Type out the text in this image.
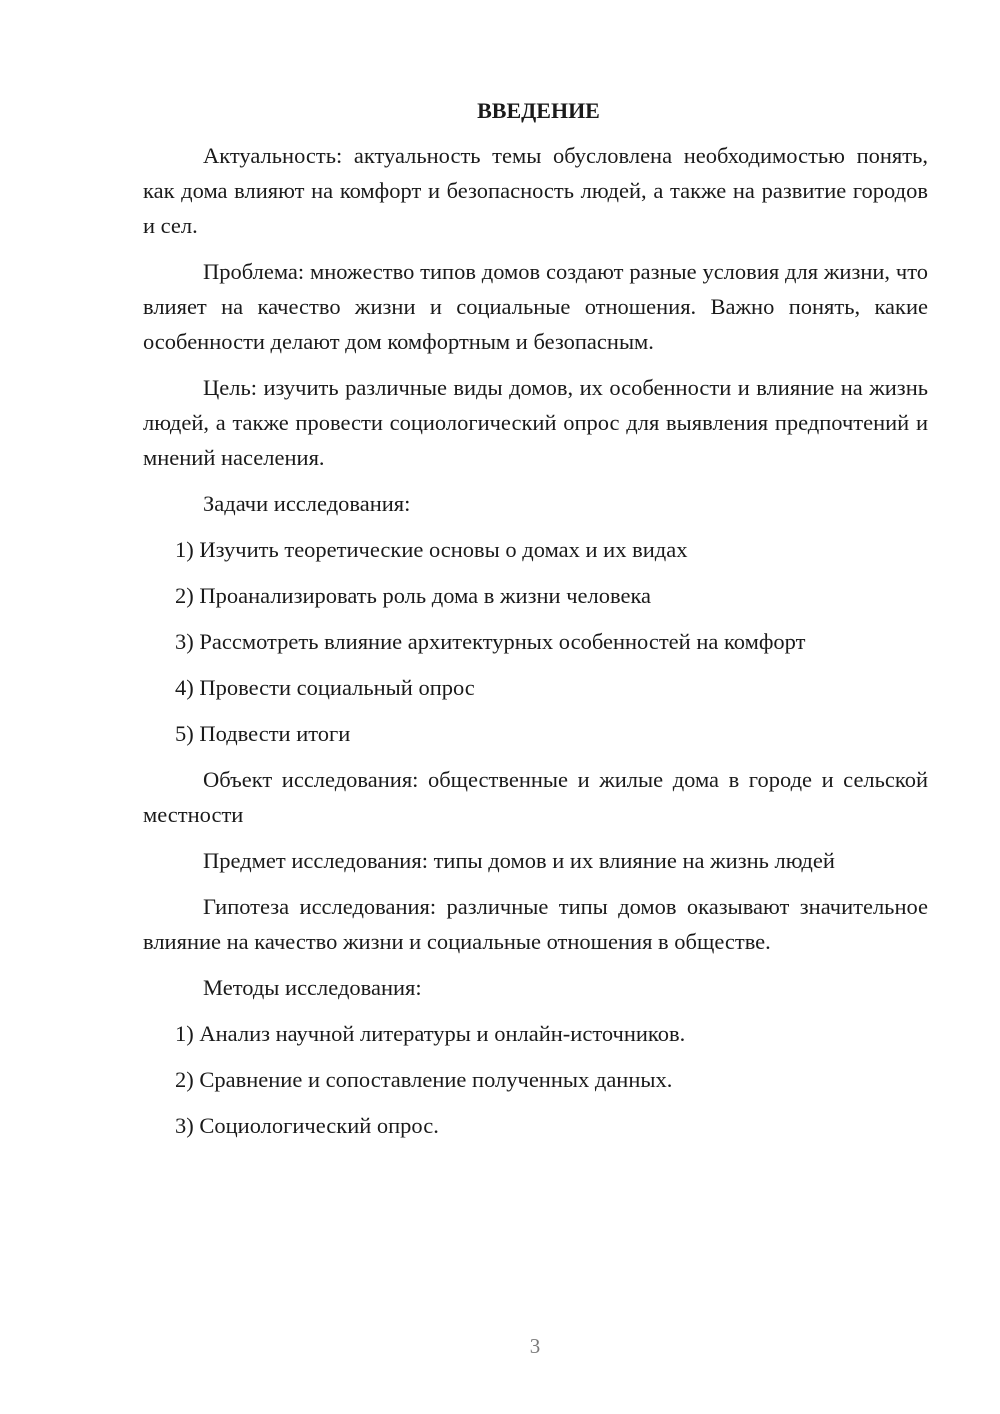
ВВЕДЕНИЕ

Актуальность: актуальность темы обусловлена необходимостью понять, как дома влияют на комфорт и безопасность людей, а также на развитие городов и сел.

Проблема: множество типов домов создают разные условия для жизни, что влияет на качество жизни и социальные отношения. Важно понять, какие особенности делают дом комфортным и безопасным.

Цель: изучить различные виды домов, их особенности и влияние на жизнь людей, а также провести социологический опрос для выявления предпочтений и мнений населения.

Задачи исследования:

1) Изучить теоретические основы о домах и их видах
2) Проанализировать роль дома в жизни человека
3) Рассмотреть влияние архитектурных особенностей на комфорт
4) Провести социальный опрос
5) Подвести итоги

Объект исследования: общественные и жилые дома в городе и сельской местности

Предмет исследования: типы домов и их влияние на жизнь людей

Гипотеза исследования: различные типы домов оказывают значительное влияние на качество жизни и социальные отношения в обществе.

Методы исследования:

1) Анализ научной литературы и онлайн-источников.
2) Сравнение и сопоставление полученных данных.
3) Социологический опрос.
3
